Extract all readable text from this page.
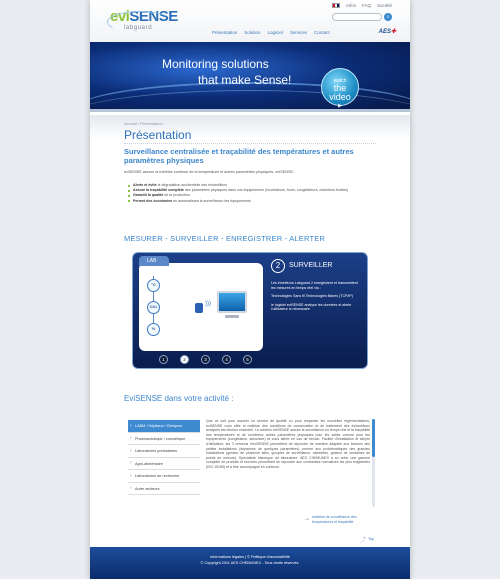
eviSENSE
labguard
Infos FAQ Société
⌕
Présentation Solution Logiciel Services Contact	AES✚
Monitoring solutions
that make Sense!	watch
the video
▶
Accueil / Présentation
Présentation
Surveillance centralisée et traçabilité des températures et autres paramètres physiques
eviSENSE assure la maîtrise continue de la température et autres paramètres physiques. eviSENSE :
Alerte et évite la dégradation accidentelle des échantillons
Assure la traçabilité complète des paramètres physiques dans vos équipements (incubateurs, fours, congélateurs, chambres froides)
Garantit la qualité de la production
Permet des économies en automatisant la surveillance des équipements
MESURER - SURVEILLER - ENREGISTRER - ALERTER
LAB
°C
CO₂
%
)))
2	SURVEILLER

Les émetteurs Labguard 2 enregistrent et transmettent les mesures en temps réel via :

Technologies Sans fil Technologies filaires (TCP/IP)

le logiciel eviSENSE analyse les données et alerte l'utilisateur si nécessaire

1	2	3	4	5
EviSENSE dans votre activité :
› LABM / Hôpitaux / Cliniques
› Pharmaceutique / cosmétique
› Laboratoires prestataires
› Agro-alimentaire
› Laboratoires de recherche
› Autre secteurs
Que ce soit pour assurer un service de qualité ou pour respecter les nouvelles réglementations, eviSENSE vous offre la maîtrise des conditions de conservation et de traitement des échantillons analysés est devenu essentiel. La solution eviSENSE assure la surveillance en temps réel et la traçabilité des températures et de nombreux autres paramètres physiques pour les salles comme pour les équipements (congélateur, autoclave) et vous alerte en cas de besoin. Facilité d'installation et simple d'utilisation, les 3 versions d'eviSENSE permettent de répondre de manière adaptée aux besoins des petites installations (dépannes de quelques paramètres) comme aux problématiques des grandes installations (gestion de plusieurs sites, groupes de surveillance, astreintes, gestion de centaines de points de mesure). Spécialiste historique du laboratoire, AES CHEMUNEX a su créer une gamme complète de produits et services permettant de répondre aux contraintes normatives les plus exigeantes (ISO 15189) et à être accompagné en continue.
➝ maîtrise de surveillance des températures et traçabilité
⤴ Top
Informations légales | © Politique d'accessibilité
© Copyright 2011 AES CHEMUNEX - Tous droits réservés.
